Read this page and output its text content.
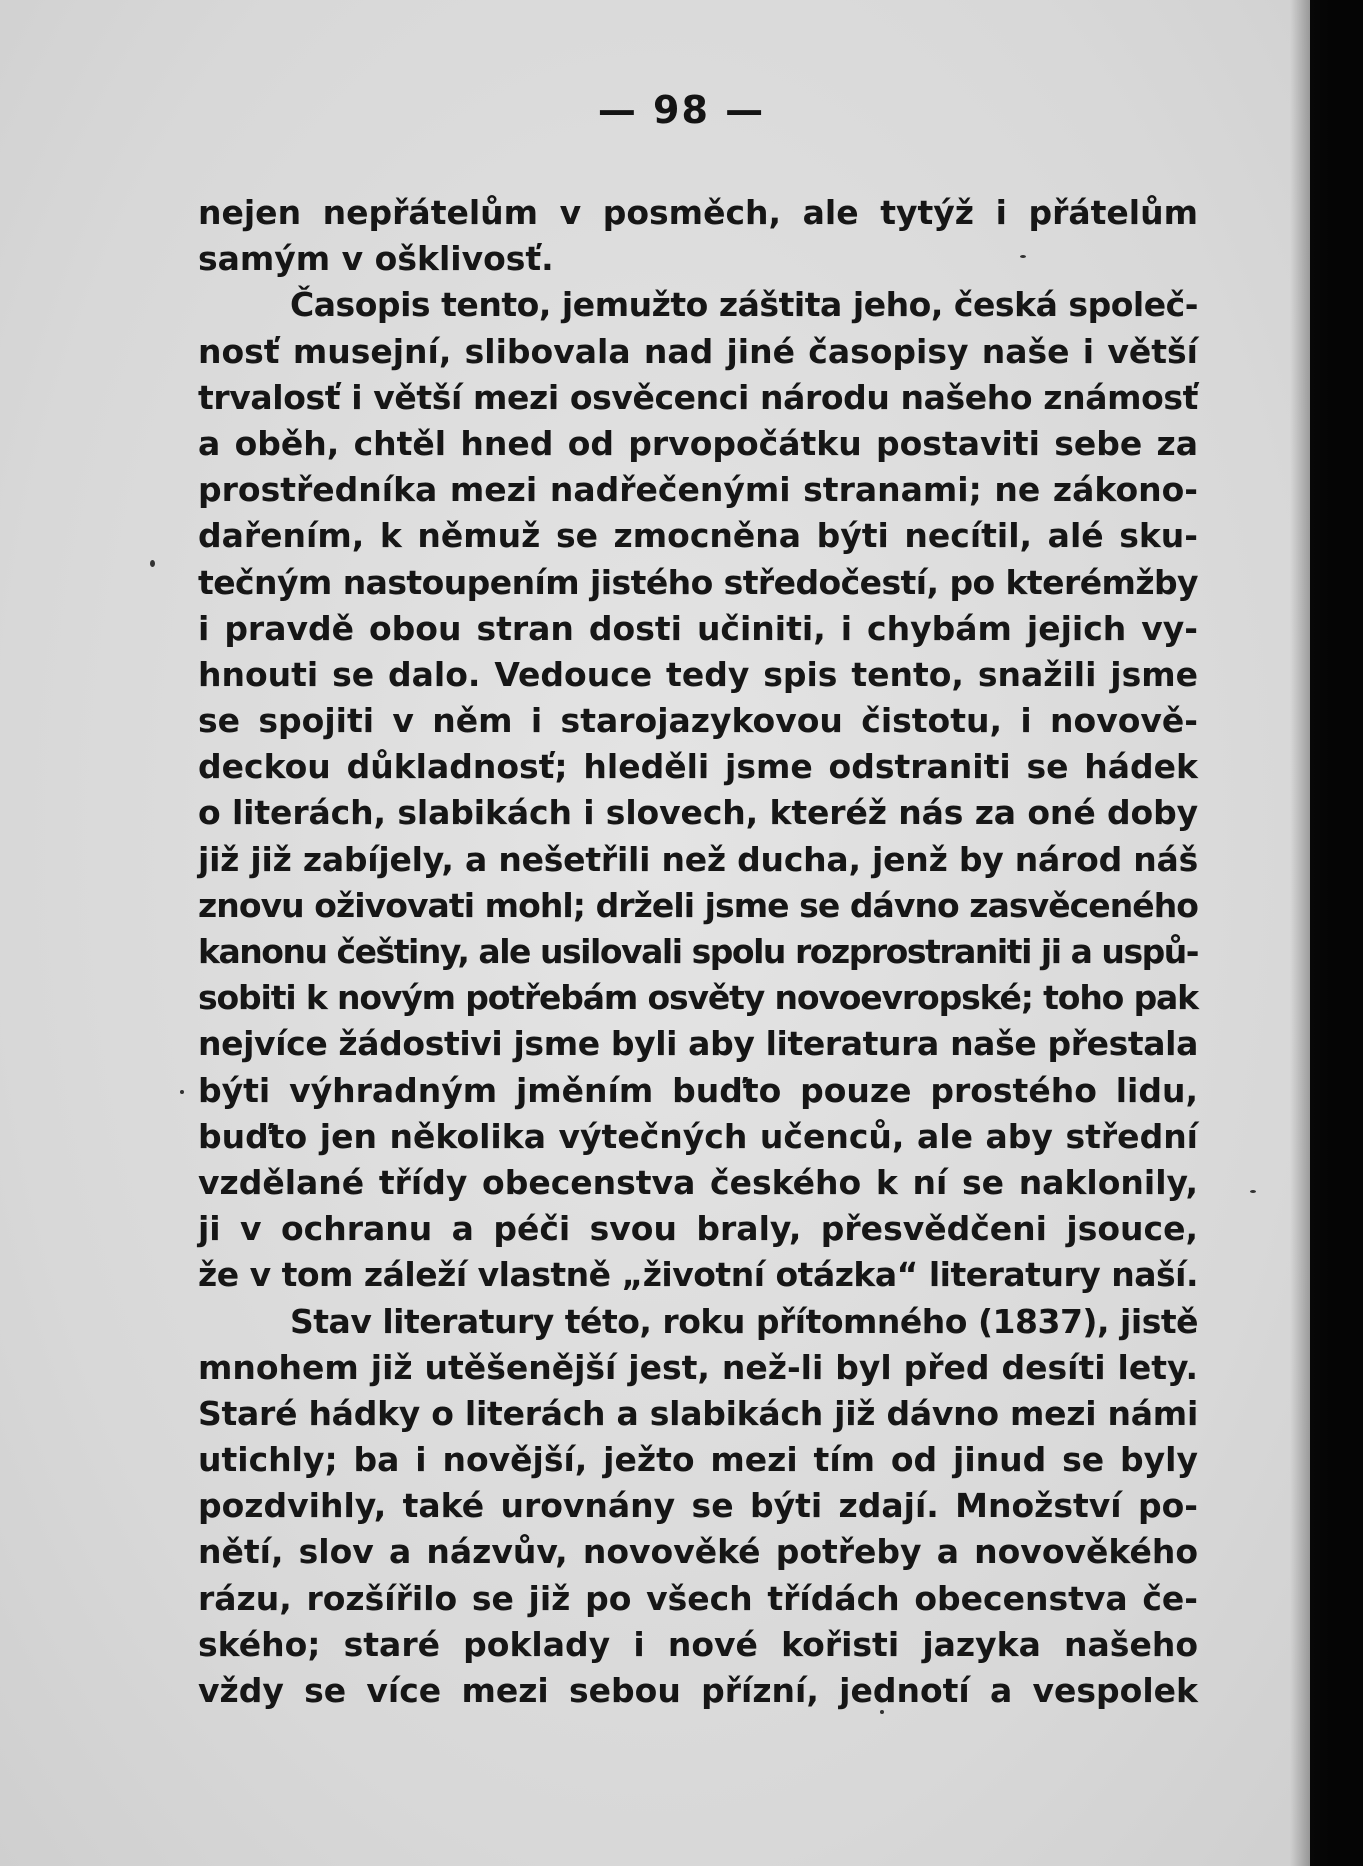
— 98 —
nejen nepřátelům v posměch, ale tytýž i přátelům
samým v ošklivosť.
Časopis tento, jemužto záštita jeho, česká společ-
nosť musejní, slibovala nad jiné časopisy naše i větší
trvalosť i větší mezi osvěcenci národu našeho známosť
a oběh, chtěl hned od prvopočátku postaviti sebe za
prostředníka mezi nadřečenými stranami; ne zákono-
dařením, k němuž se zmocněna býti necítil, alé sku-
tečným nastoupením jistého středočestí, po kterémžby
i pravdě obou stran dosti učiniti, i chybám jejich vy-
hnouti se dalo. Vedouce tedy spis tento, snažili jsme
se spojiti v něm i starojazykovou čistotu, i novově-
deckou důkladnosť; hleděli jsme odstraniti se hádek
o literách, slabikách i slovech, kteréž nás za oné doby
již již zabíjely, a nešetřili než ducha, jenž by národ náš
znovu oživovati mohl; drželi jsme se dávno zasvěceného
kanonu češtiny, ale usilovali spolu rozprostraniti ji a uspů-
sobiti k novým potřebám osvěty novoevropské; toho pak
nejvíce žádostivi jsme byli aby literatura naše přestala
býti výhradným jměním buďto pouze prostého lidu,
buďto jen několika výtečných učenců, ale aby střední
vzdělané třídy obecenstva českého k ní se naklonily,
ji v ochranu a péči svou braly, přesvědčeni jsouce,
že v tom záleží vlastně „životní otázka“ literatury naší.
Stav literatury této, roku přítomného (1837), jistě
mnohem již utěšenější jest, než-li byl před desíti lety.
Staré hádky o literách a slabikách již dávno mezi námi
utichly; ba i novější, ježto mezi tím od jinud se byly
pozdvihly, také urovnány se býti zdají. Množství po-
nětí, slov a názvův, novověké potřeby a novověkého
rázu, rozšířilo se již po všech třídách obecenstva če-
ského; staré poklady i nové kořisti jazyka našeho
vždy se více mezi sebou přízní, jednotí a vespolek
